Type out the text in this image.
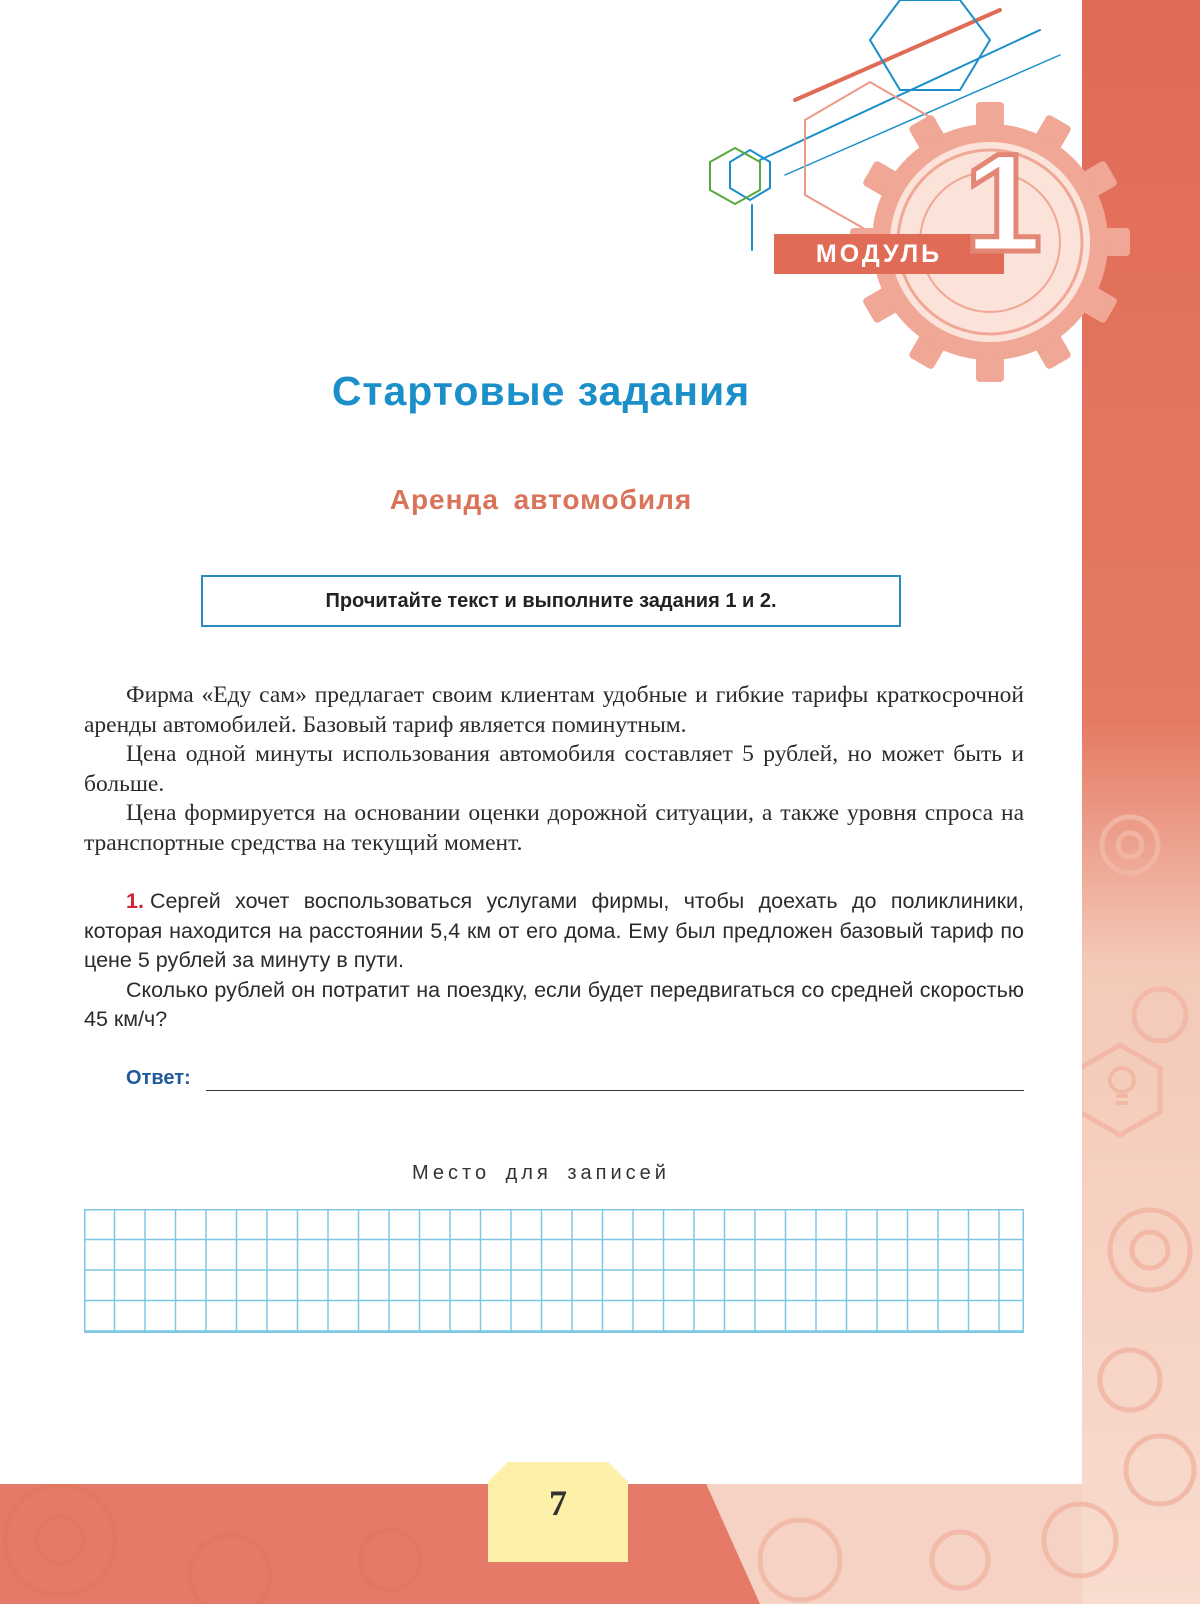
МОДУЛЬ 1
Стартовые задания
Аренда автомобиля
Прочитайте текст и выполните задания 1 и 2.

Фирма «Еду сам» предлагает своим клиентам удобные и гибкие тарифы краткосрочной аренды автомобилей. Базовый тариф является поминутным.

Цена одной минуты использования автомобиля составляет 5 рублей, но может быть и больше.

Цена формируется на основании оценки дорожной ситуации, а также уровня спроса на транспортные средства на текущий момент.

1. Сергей хочет воспользоваться услугами фирмы, чтобы доехать до поликлиники, которая находится на расстоянии 5,4 км от его дома. Ему был предложен базовый тариф по цене 5 рублей за минуту в пути.

Сколько рублей он потратит на поездку, если будет передвигаться со средней скоростью 45 км/ч?

Ответ:
Место для записей
7
